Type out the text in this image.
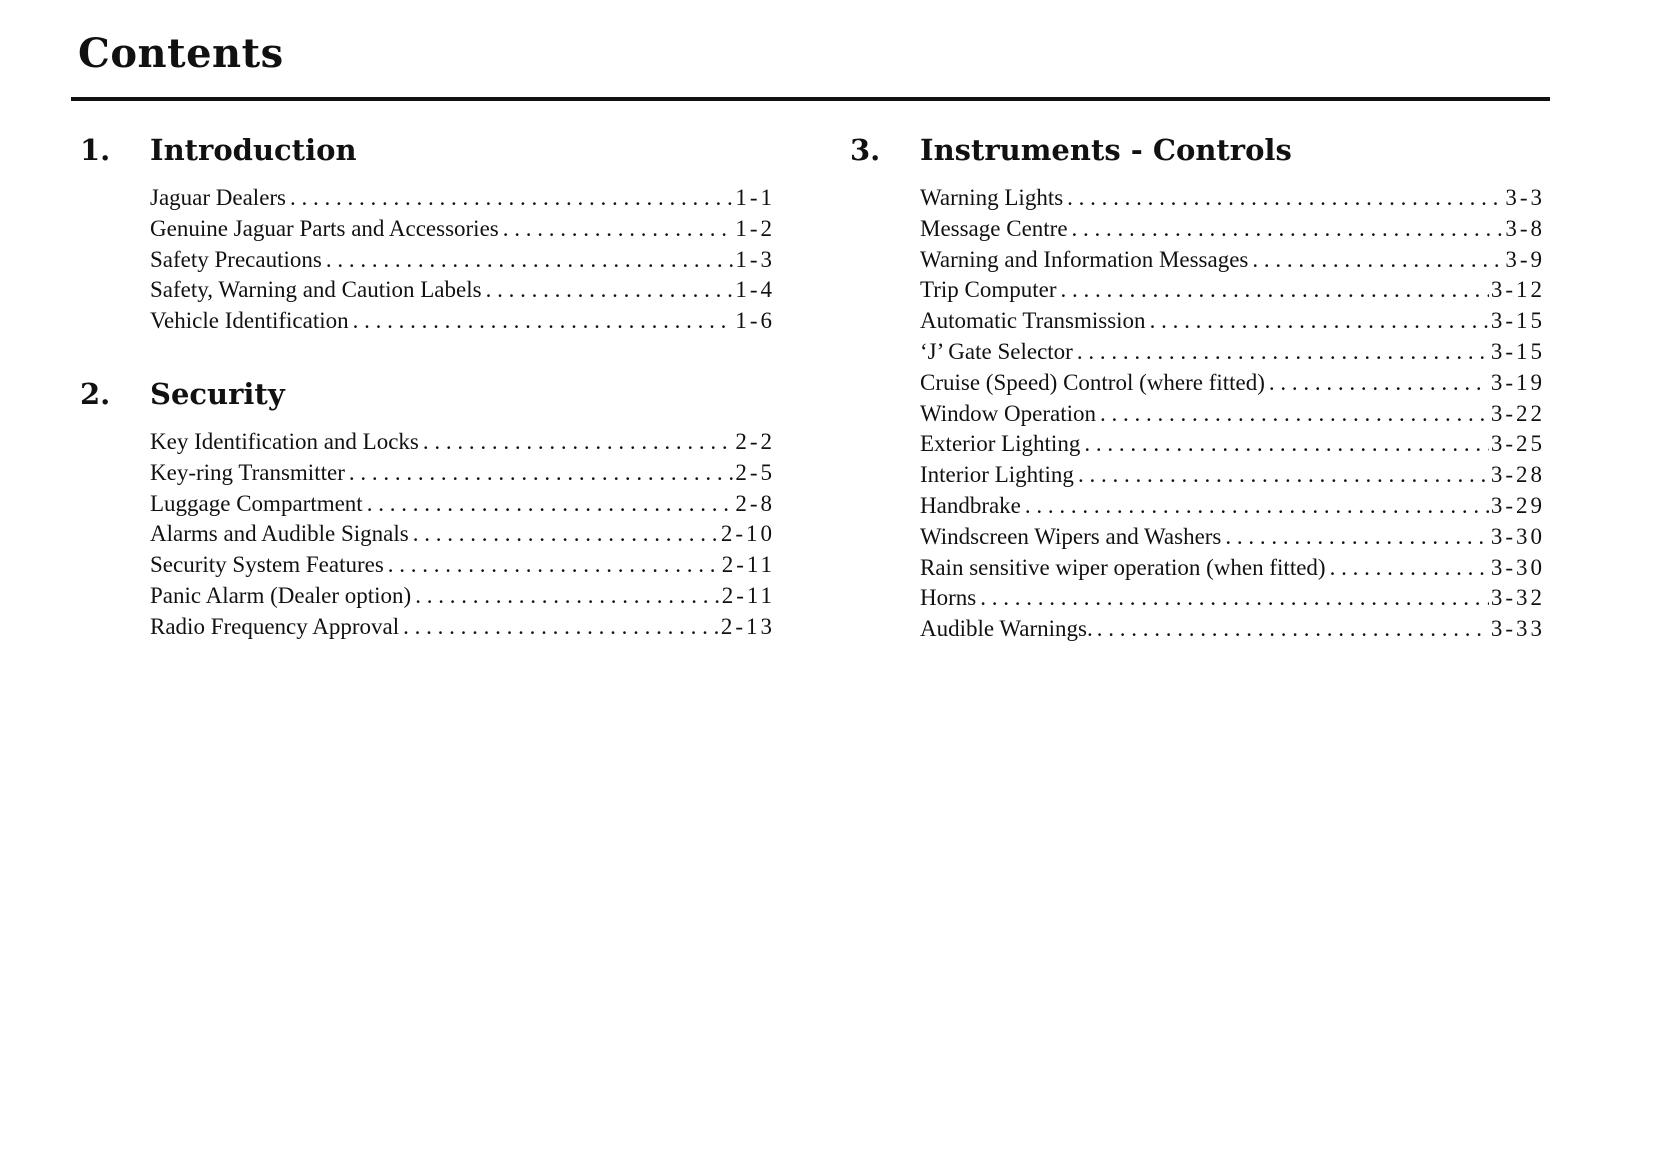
Contents
1.	Introduction
Jaguar Dealers . . .	1-1
Genuine Jaguar Parts and Accessories . . .	1-2
Safety Precautions . . .	1-3
Safety, Warning and Caution Labels . . .	1-4
Vehicle Identification . . .	1-6
2.	Security
Key Identification and Locks . . .	2-2
Key-ring Transmitter . . .	2-5
Luggage Compartment . . .	2-8
Alarms and Audible Signals . . .	2-10
Security System Features . . .	2-11
Panic Alarm (Dealer option) . . .	2-11
Radio Frequency Approval . . .	2-13
3.	Instruments - Controls
Warning Lights . . .	3-3
Message Centre . . .	3-8
Warning and Information Messages . . .	3-9
Trip Computer . . .	3-12
Automatic Transmission . . .	3-15
‘J’ Gate Selector . . .	3-15
Cruise (Speed) Control (where fitted) . . .	3-19
Window Operation . . .	3-22
Exterior Lighting . . .	3-25
Interior Lighting . . .	3-28
Handbrake . . .	3-29
Windscreen Wipers and Washers . . .	3-30
Rain sensitive wiper operation (when fitted) . . .	3-30
Horns . . .	3-32
Audible Warnings. . . .	3-33
